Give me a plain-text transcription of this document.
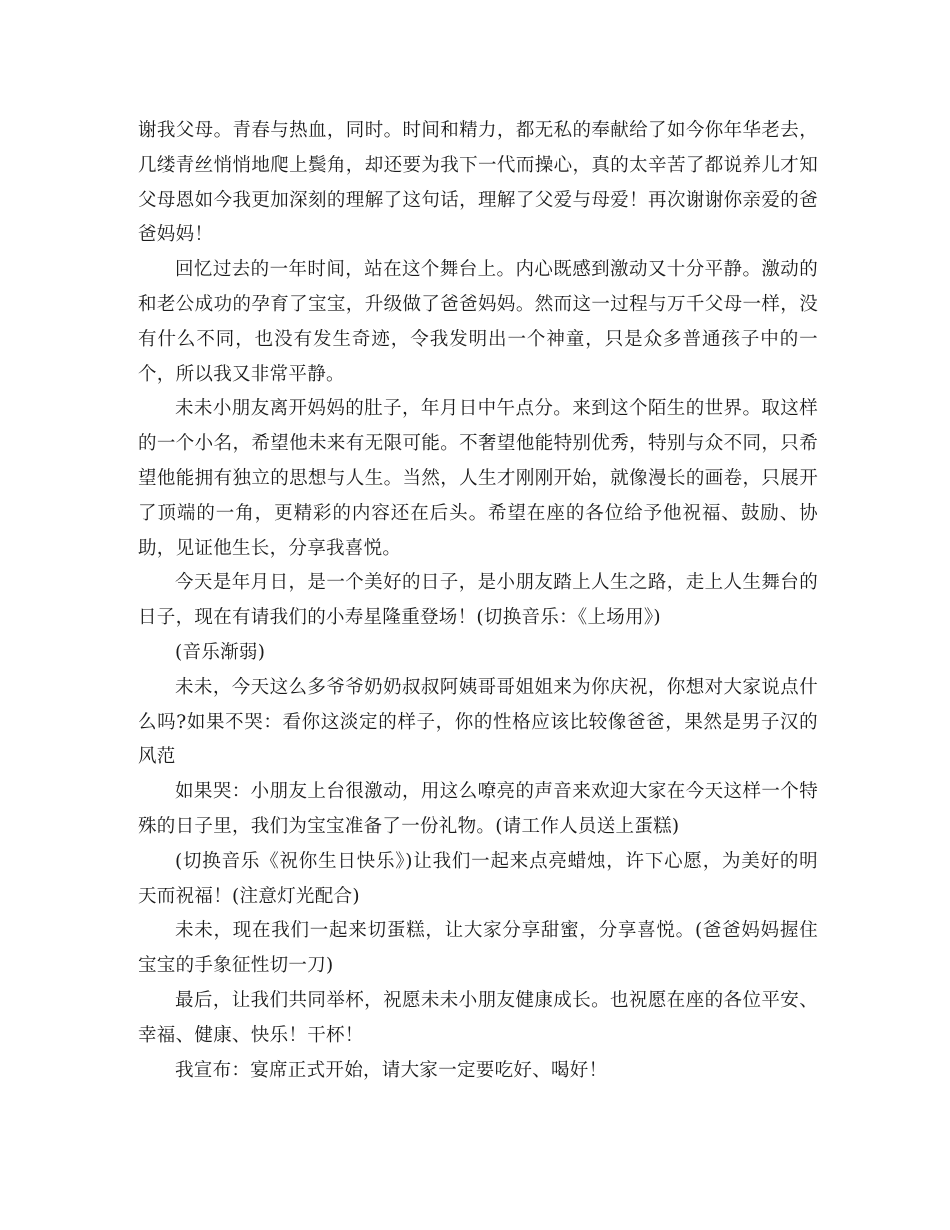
谢我父母。青春与热血，同时。时间和精力，都无私的奉献给了如今你年华老去，几缕青丝悄悄地爬上鬓角，却还要为我下一代而操心，真的太辛苦了都说养儿才知父母恩如今我更加深刻的理解了这句话，理解了父爱与母爱！再次谢谢你亲爱的爸爸妈妈！

回忆过去的一年时间，站在这个舞台上。内心既感到激动又十分平静。激动的和老公成功的孕育了宝宝，升级做了爸爸妈妈。然而这一过程与万千父母一样，没有什么不同，也没有发生奇迹，令我发明出一个神童，只是众多普通孩子中的一个，所以我又非常平静。

未未小朋友离开妈妈的肚子，年月日中午点分。来到这个陌生的世界。取这样的一个小名，希望他未来有无限可能。不奢望他能特别优秀，特别与众不同，只希望他能拥有独立的思想与人生。当然，人生才刚刚开始，就像漫长的画卷，只展开了顶端的一角，更精彩的内容还在后头。希望在座的各位给予他祝福、鼓励、协助，见证他生长，分享我喜悦。

今天是年月日，是一个美好的日子，是小朋友踏上人生之路，走上人生舞台的日子，现在有请我们的小寿星隆重登场！(切换音乐：《上场用》)

(音乐渐弱)

未未，今天这么多爷爷奶奶叔叔阿姨哥哥姐姐来为你庆祝，你想对大家说点什么吗?如果不哭：看你这淡定的样子，你的性格应该比较像爸爸，果然是男子汉的风范

如果哭：小朋友上台很激动，用这么嘹亮的声音来欢迎大家在今天这样一个特殊的日子里，我们为宝宝准备了一份礼物。(请工作人员送上蛋糕)

(切换音乐《祝你生日快乐》)让我们一起来点亮蜡烛，许下心愿，为美好的明天而祝福！(注意灯光配合)

未未，现在我们一起来切蛋糕，让大家分享甜蜜，分享喜悦。(爸爸妈妈握住宝宝的手象征性切一刀)

最后，让我们共同举杯，祝愿未未小朋友健康成长。也祝愿在座的各位平安、幸福、健康、快乐！干杯！

我宣布：宴席正式开始，请大家一定要吃好、喝好！
